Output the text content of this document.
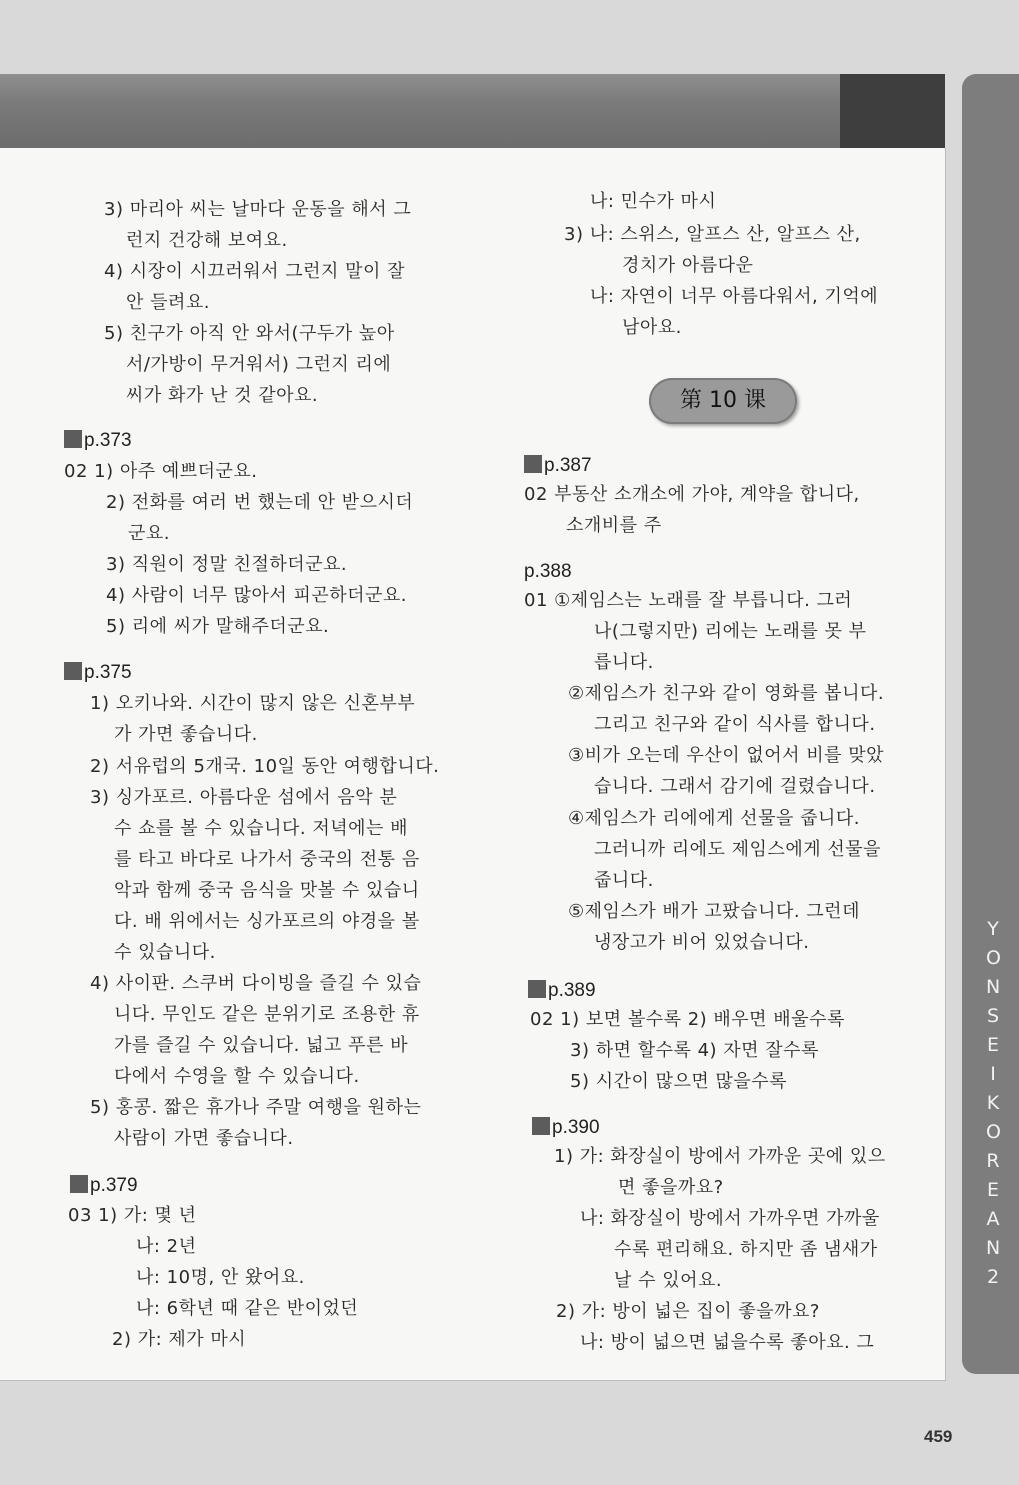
YONSEI KOREAN 2
3) 마리아 씨는 날마다 운동을 해서 그
런지 건강해 보여요.
4) 시장이 시끄러워서 그런지 말이 잘
안 들려요.
5) 친구가 아직 안 와서(구두가 높아
서/가방이 무거워서) 그런지 리에
씨가 화가 난 것 같아요.
p.373
02 1) 아주 예쁘더군요.
2) 전화를 여러 번 했는데 안 받으시더
군요.
3) 직원이 정말 친절하더군요.
4) 사람이 너무 많아서 피곤하더군요.
5) 리에 씨가 말해주더군요.
p.375
1) 오키나와. 시간이 많지 않은 신혼부부
가 가면 좋습니다.
2) 서유럽의 5개국. 10일 동안 여행합니다.
3) 싱가포르. 아름다운 섬에서 음악 분
수 쇼를 볼 수 있습니다. 저녁에는 배
를 타고 바다로 나가서 중국의 전통 음
악과 함께 중국 음식을 맛볼 수 있습니
다. 배 위에서는 싱가포르의 야경을 볼
수 있습니다.
4) 사이판. 스쿠버 다이빙을 즐길 수 있습
니다. 무인도 같은 분위기로 조용한 휴
가를 즐길 수 있습니다. 넓고 푸른 바
다에서 수영을 할 수 있습니다.
5) 홍콩. 짧은 휴가나 주말 여행을 원하는
사람이 가면 좋습니다.
p.379
03 1) 가: 몇 년
나: 2년
나: 10명, 안 왔어요.
나: 6학년 때 같은 반이었던
2) 가: 제가 마시
나: 민수가 마시
3) 나: 스위스, 알프스 산, 알프스 산,
경치가 아름다운
나: 자연이 너무 아름다워서, 기억에
남아요.
p.387
02 부동산 소개소에 가야, 계약을 합니다,
소개비를 주
p.388
01 ①제임스는 노래를 잘 부릅니다. 그러
나(그렇지만) 리에는 노래를 못 부
릅니다.
②제임스가 친구와 같이 영화를 봅니다.
그리고 친구와 같이 식사를 합니다.
③비가 오는데 우산이 없어서 비를 맞았
습니다. 그래서 감기에 걸렸습니다.
④제임스가 리에에게 선물을 줍니다.
그러니까 리에도 제임스에게 선물을
줍니다.
⑤제임스가 배가 고팠습니다. 그런데
냉장고가 비어 있었습니다.
p.389
02 1) 보면 볼수록 2) 배우면 배울수록
3) 하면 할수록 4) 자면 잘수록
5) 시간이 많으면 많을수록
p.390
1) 가: 화장실이 방에서 가까운 곳에 있으
면 좋을까요?
나: 화장실이 방에서 가까우면 가까울
수록 편리해요. 하지만 좀 냄새가
날 수 있어요.
2) 가: 방이 넓은 집이 좋을까요?
나: 방이 넓으면 넓을수록 좋아요. 그
第 10 课
459
